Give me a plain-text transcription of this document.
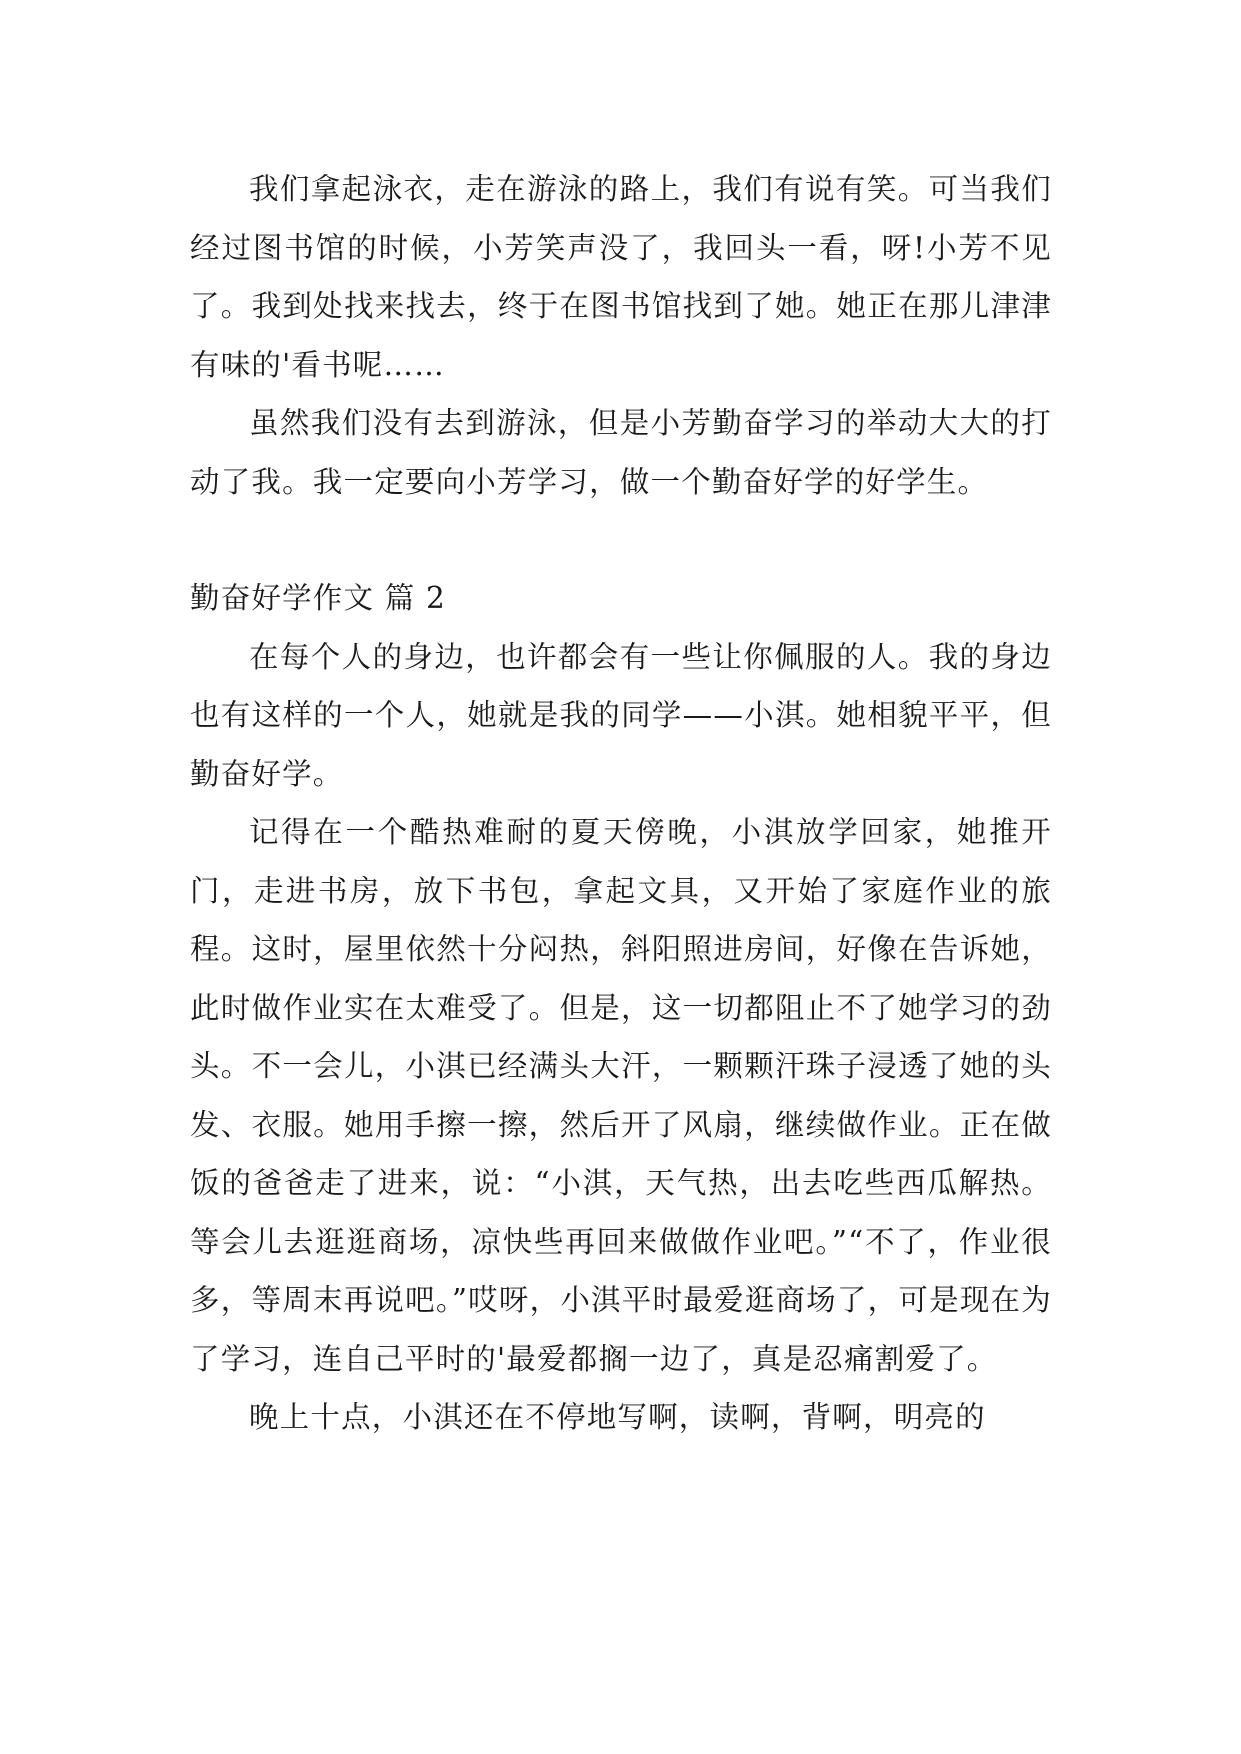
我们拿起泳衣，走在游泳的路上，我们有说有笑。可当我们经过图书馆的时候，小芳笑声没了，我回头一看，呀!小芳不见了。我到处找来找去，终于在图书馆找到了她。她正在那儿津津有味的'看书呢……

虽然我们没有去到游泳，但是小芳勤奋学习的举动大大的打动了我。我一定要向小芳学习，做一个勤奋好学的好学生。

勤奋好学作文 篇 2

在每个人的身边，也许都会有一些让你佩服的人。我的身边也有这样的一个人，她就是我的同学——小淇。她相貌平平，但勤奋好学。

记得在一个酷热难耐的夏天傍晚，小淇放学回家，她推开门，走进书房，放下书包，拿起文具，又开始了家庭作业的旅程。这时，屋里依然十分闷热，斜阳照进房间，好像在告诉她，此时做作业实在太难受了。但是，这一切都阻止不了她学习的劲头。不一会儿，小淇已经满头大汗，一颗颗汗珠子浸透了她的头发、衣服。她用手擦一擦，然后开了风扇，继续做作业。正在做饭的爸爸走了进来，说：“小淇，天气热，出去吃些西瓜解热。等会儿去逛逛商场，凉快些再回来做做作业吧。”“不了，作业很多，等周末再说吧。”哎呀，小淇平时最爱逛商场了，可是现在为了学习，连自己平时的'最爱都搁一边了，真是忍痛割爱了。

晚上十点，小淇还在不停地写啊，读啊，背啊，明亮的
